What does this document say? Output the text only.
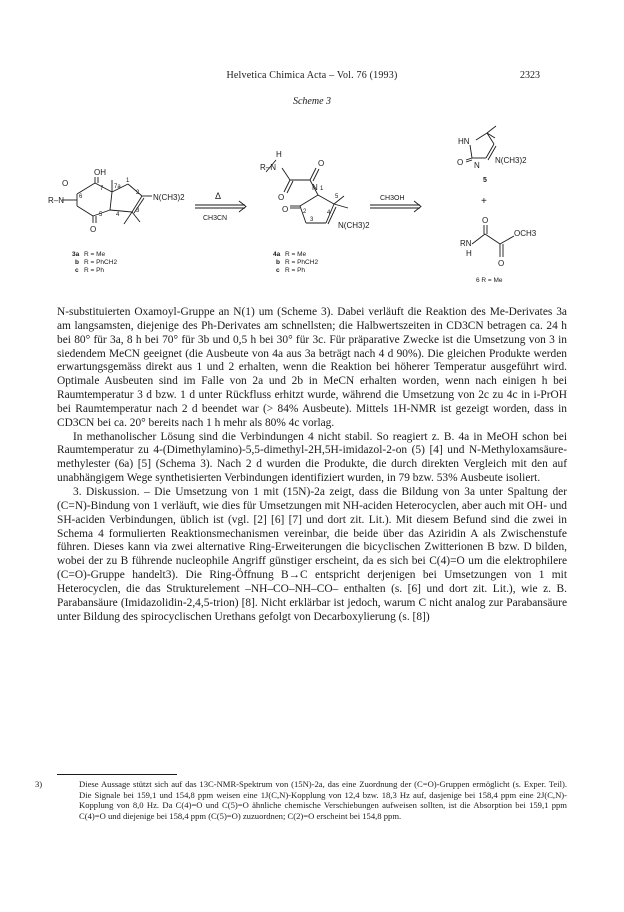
Helvetica Chimica Acta – Vol. 76 (1993)	2323
Scheme 3
OH
O
O
R–N 6
7 7a
1
2
3
4
5
N(CH3)2
3a R = Me
b R = PhCH2
c R = Ph
Δ
CH3CN
H
R–N
O
O
O
N 1
5
2
3
4
N(CH3)2
4a R = Me
b R = PhCH2
c R = Ph
CH3OH
HN
O N
N(CH3)2
5
+
O
OCH3
RN
H
O
6 R = Me

N-substituierten Oxamoyl-Gruppe an N(1) um (Scheme 3). Dabei verläuft die Reaktion des Me-Derivates 3a am langsamsten, diejenige des Ph-Derivates am schnellsten; die Halbwertszeiten in CD3CN betragen ca. 24 h bei 80° für 3a, 8 h bei 70° für 3b und 0,5 h bei 30° für 3c. Für präparative Zwecke ist die Umsetzung von 3 in siedendem MeCN geeignet (die Ausbeute von 4a aus 3a beträgt nach 4 d 90%). Die gleichen Produkte werden erwartungsgemäss direkt aus 1 und 2 erhalten, wenn die Reaktion bei höherer Temperatur ausgeführt wird. Optimale Ausbeuten sind im Falle von 2a und 2b in MeCN erhalten worden, wenn nach einigen h bei Raumtemperatur 3 d bzw. 1 d unter Rückfluss erhitzt wurde, während die Umsetzung von 2c zu 4c in i-PrOH bei Raumtemperatur nach 2 d beendet war (> 84% Ausbeute). Mittels 1H-NMR ist gezeigt worden, dass in CD3CN bei ca. 20° bereits nach 1 h mehr als 80% 4c vorlag.

In methanolischer Lösung sind die Verbindungen 4 nicht stabil. So reagiert z. B. 4a in MeOH schon bei Raumtemperatur zu 4-(Dimethylamino)-5,5-dimethyl-2H,5H-imidazol-2-on (5) [4] und N-Methyloxamsäure-methylester (6a) [5] (Schema 3). Nach 2 d wurden die Produkte, die durch direkten Vergleich mit den auf unabhängigem Wege synthetisierten Verbindungen identifiziert wurden, in 79 bzw. 53% Ausbeute isoliert.

3. Diskussion. – Die Umsetzung von 1 mit (15N)-2a zeigt, dass die Bildung von 3a unter Spaltung der (C=N)-Bindung von 1 verläuft, wie dies für Umsetzungen mit NH-aciden Heterocyclen, aber auch mit OH- und SH-aciden Verbindungen, üblich ist (vgl. [2] [6] [7] und dort zit. Lit.). Mit diesem Befund sind die zwei in Schema 4 formulierten Reaktionsmechanismen vereinbar, die beide über das Aziridin A als Zwischenstufe führen. Dieses kann via zwei alternative Ring-Erweiterungen die bicyclischen Zwitterionen B bzw. D bilden, wobei der zu B führende nucleophile Angriff günstiger erscheint, da es sich bei C(4)=O um die elektrophilere (C=O)-Gruppe handelt3). Die Ring-Öffnung B→C entspricht derjenigen bei Umsetzungen von 1 mit Heterocyclen, die das Strukturelement –NH–CO–NH–CO– enthalten (s. [6] und dort zit. Lit.), wie z. B. Parabansäure (Imidazolidin-2,4,5-trion) [8]. Nicht erklärbar ist jedoch, warum C nicht analog zur Parabansäure unter Bildung des spirocyclischen Urethans gefolgt von Decarboxylierung (s. [8])

3)	Diese Aussage stützt sich auf das 13C-NMR-Spektrum von (15N)-2a, das eine Zuordnung der (C=O)-Gruppen ermöglicht (s. Exper. Teil). Die Signale bei 159,1 und 154,8 ppm weisen eine 1J(C,N)-Kopplung von 12,4 bzw. 18,3 Hz auf, dasjenige bei 158,4 ppm eine 2J(C,N)-Kopplung von 8,0 Hz. Da C(4)=O und C(5)=O ähnliche chemische Verschiebungen aufweisen sollten, ist die Absorption bei 159,1 ppm C(4)=O und diejenige bei 158,4 ppm (C(5)=O) zuzuordnen; C(2)=O erscheint bei 154,8 ppm.
